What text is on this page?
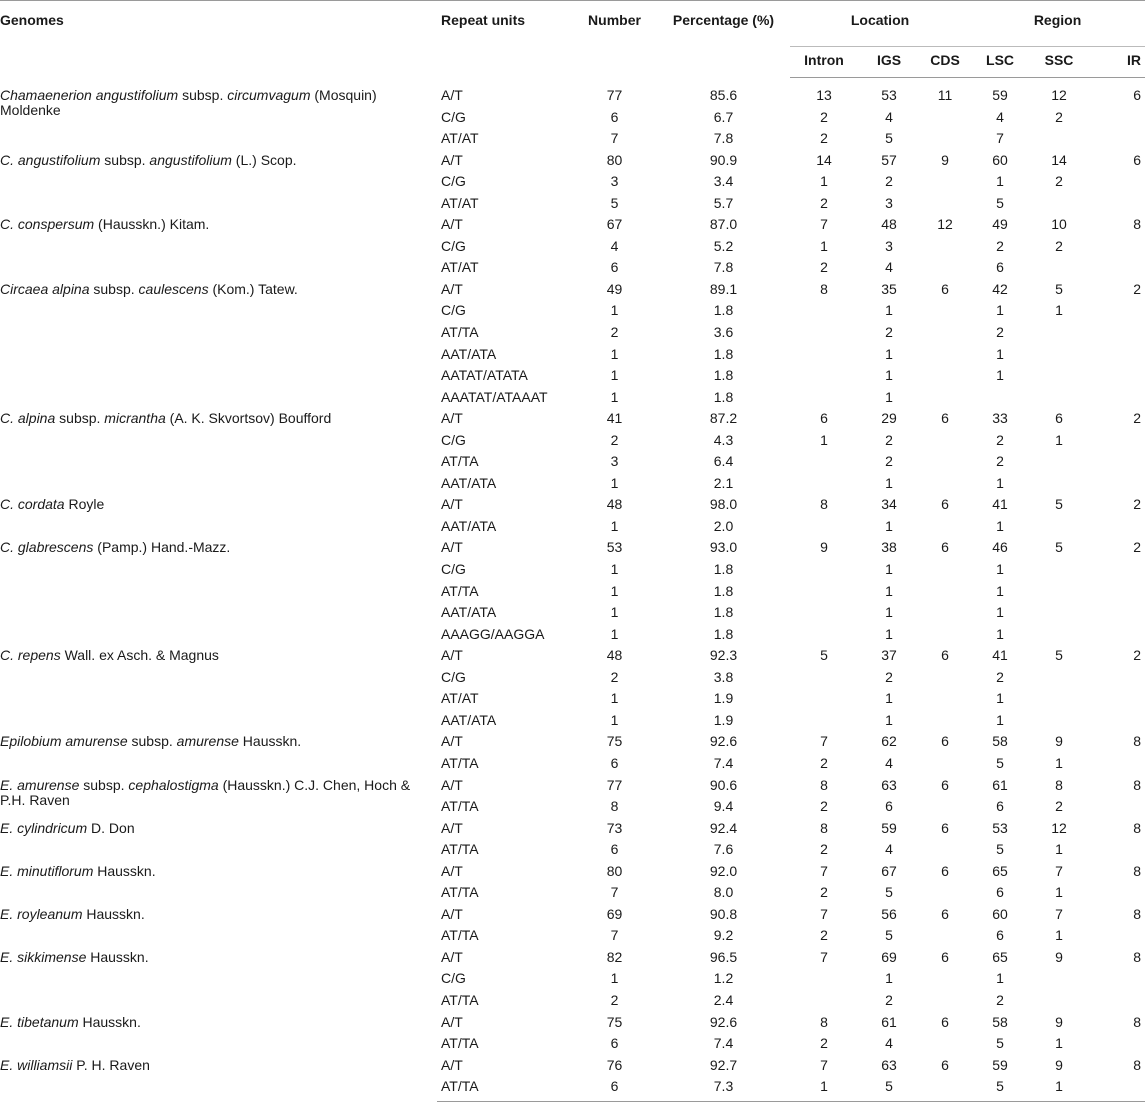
Genomes	Repeat units	Number	Percentage (%)	Location			Region		
				Intron	IGS	CDS	LSC	SSC	IR
Chamaenerion angustifolium subsp. circumvagum (Mosquin) Moldenke	A/T	77	85.6	13	53	11	59	12	6
	C/G	6	6.7	2	4		4	2	
	AT/AT	7	7.8	2	5		7		
C. angustifolium subsp. angustifolium (L.) Scop.	A/T	80	90.9	14	57	9	60	14	6
	C/G	3	3.4	1	2		1	2	
	AT/AT	5	5.7	2	3		5		
C. conspersum (Hausskn.) Kitam.	A/T	67	87.0	7	48	12	49	10	8
	C/G	4	5.2	1	3		2	2	
	AT/AT	6	7.8	2	4		6		
Circaea alpina subsp. caulescens (Kom.) Tatew.	A/T	49	89.1	8	35	6	42	5	2
	C/G	1	1.8		1		1	1	
	AT/TA	2	3.6		2		2		
	AAT/ATA	1	1.8		1		1		
	AATAT/ATATA	1	1.8		1		1		
	AAATAT/ATAAAT	1	1.8		1				
C. alpina subsp. micrantha (A. K. Skvortsov) Boufford	A/T	41	87.2	6	29	6	33	6	2
	C/G	2	4.3	1	2		2	1	
	AT/TA	3	6.4		2		2		
	AAT/ATA	1	2.1		1		1		
C. cordata Royle	A/T	48	98.0	8	34	6	41	5	2
	AAT/ATA	1	2.0		1		1		
C. glabrescens (Pamp.) Hand.-Mazz.	A/T	53	93.0	9	38	6	46	5	2
	C/G	1	1.8		1		1		
	AT/TA	1	1.8		1		1		
	AAT/ATA	1	1.8		1		1		
	AAAGG/AAGGA	1	1.8		1		1		
C. repens Wall. ex Asch. & Magnus	A/T	48	92.3	5	37	6	41	5	2
	C/G	2	3.8		2		2		
	AT/AT	1	1.9		1		1		
	AAT/ATA	1	1.9		1		1		
Epilobium amurense subsp. amurense Hausskn.	A/T	75	92.6	7	62	6	58	9	8
	AT/TA	6	7.4	2	4		5	1	
E. amurense subsp. cephalostigma (Hausskn.) C.J. Chen, Hoch & P.H. Raven	A/T	77	90.6	8	63	6	61	8	8
	AT/TA	8	9.4	2	6		6	2	
E. cylindricum D. Don	A/T	73	92.4	8	59	6	53	12	8
	AT/TA	6	7.6	2	4		5	1	
E. minutiflorum Hausskn.	A/T	80	92.0	7	67	6	65	7	8
	AT/TA	7	8.0	2	5		6	1	
E. royleanum Hausskn.	A/T	69	90.8	7	56	6	60	7	8
	AT/TA	7	9.2	2	5		6	1	
E. sikkimense Hausskn.	A/T	82	96.5	7	69	6	65	9	8
	C/G	1	1.2		1		1		
	AT/TA	2	2.4		2		2		
E. tibetanum Hausskn.	A/T	75	92.6	8	61	6	58	9	8
	AT/TA	6	7.4	2	4		5	1	
E. williamsii P. H. Raven	A/T	76	92.7	7	63	6	59	9	8
	AT/TA	6	7.3	1	5		5	1	
